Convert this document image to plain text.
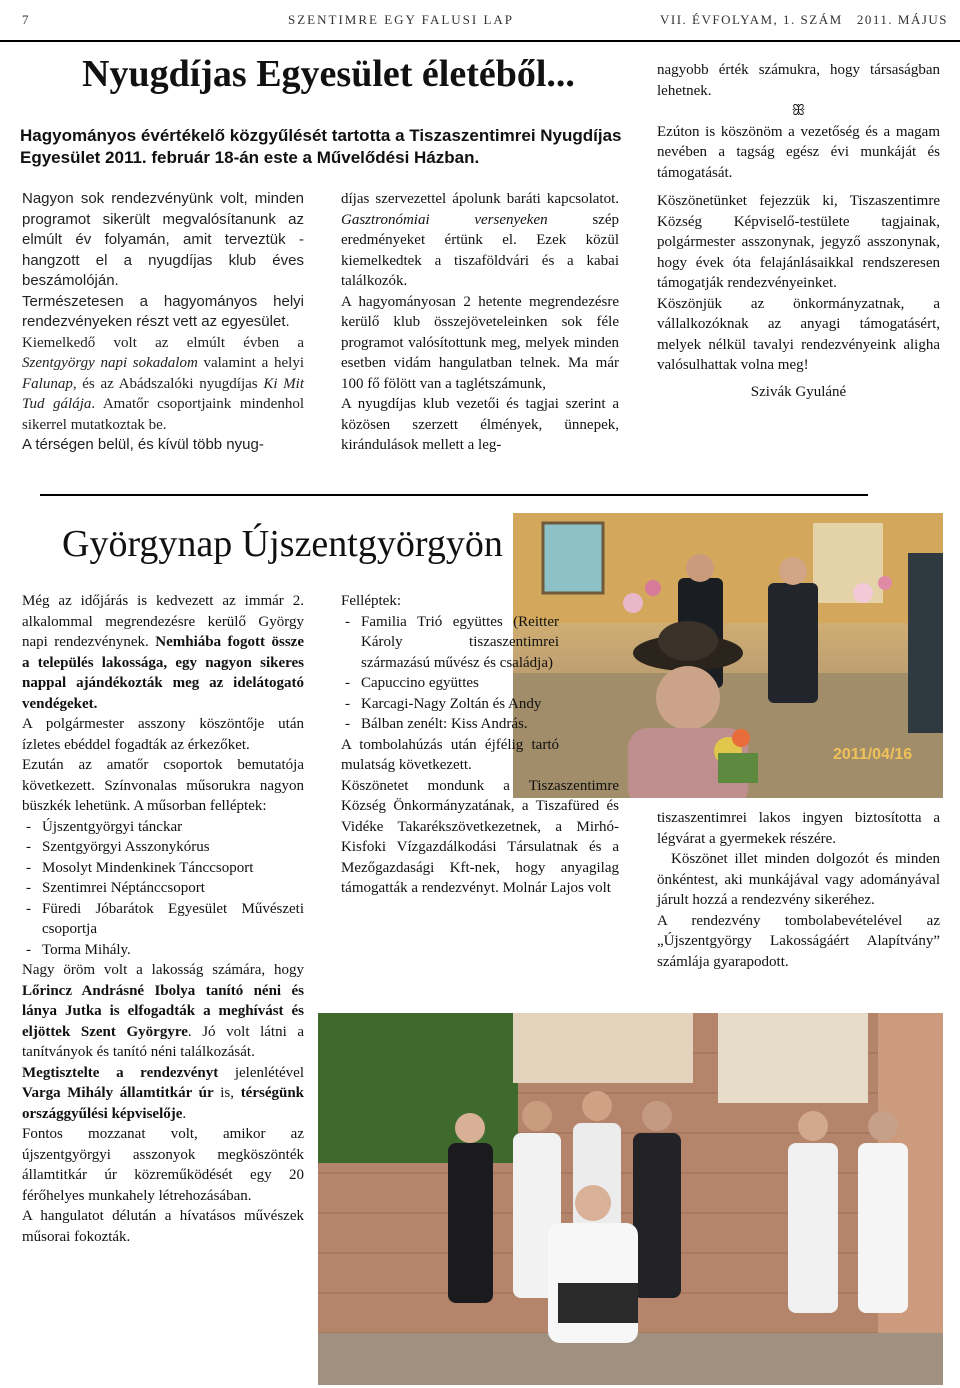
7	SZENTIMRE EGY FALUSI LAP	VII. ÉVFOLYAM, 1. SZÁM   2011. MÁJUS
Nyugdíjas Egyesület életéből...
Hagyományos évértékelő közgyűlését tartotta a Tiszaszentimrei Nyugdíjas Egyesület 2011. február 18-án este a Művelődési Házban.

Nagyon sok rendezvényünk volt, minden programot sikerült megvalósítanunk az elmúlt év folyamán, amit terveztük - hangzott el a nyugdíjas klub éves beszámolóján.

Természetesen a hagyományos helyi rendezvényeken részt vett az egyesület.

Kiemelkedő volt az elmúlt évben a Szentgyörgy napi sokadalom valamint a helyi Falunap, és az Abádszalóki nyugdíjas Ki Mit Tud gálája. Amatőr csoportjaink mindenhol sikerrel mutatkoztak be.

A térségen belül, és kívül több nyug-

díjas szervezettel ápolunk baráti kapcsolatot. Gasztronómiai versenyeken	szép eredményeket értünk el. Ezek közül kiemelkedtek a tiszaföldvári és a kabai találkozók.

A hagyományosan 2 hetente megrendezésre kerülő klub összejöveteleinken sok féle programot valósítottunk meg, melyek minden esetben vidám hangulatban telnek. Ma már 100 fő fölött van a taglétszámunk,

A nyugdíjas klub vezetői és tagjai szerint a közösen szerzett élmények, ünnepek, kirándulások mellett a leg-

nagyobb érték számukra, hogy társaságban lehetnek.

ꕥ

Ezúton is köszönöm a vezetőség és a magam nevében a tagság egész évi munkáját és támogatását.

Köszönetünket fejezzük ki, Tiszaszentimre Község Képviselő-testülete tagjainak, polgármester asszonynak, jegyző asszonynak, hogy évek óta felajánlásaikkal rendszeresen támogatják rendezvényeinket.

Köszönjük az önkormányzatnak, a vállalkozóknak az anyagi támogatásért, melyek nélkül tavalyi rendezvényeink aligha valósulhattak volna meg!

Szivák Gyuláné

Györgynap Újszentgyörgyön
2011/04/16

Még az időjárás is kedvezett az immár 2. alkalommal megrendezésre kerülő György napi rendezvénynek. Nemhiába fogott össze a település lakossága, egy nagyon sikeres nappal ajándékozták meg az idelátogató vendégeket.

A polgármester asszony köszöntője után ízletes ebéddel fogadták az érkezőket.

Ezután az amatőr csoportok bemutatója következett. Színvonalas műsorukra nagyon büszkék lehetünk. A műsorban felléptek:

- Újszentgyörgyi tánckar
- Szentgyörgyi Asszonykórus
- Mosolyt Mindenkinek Tánccsoport
- Szentimrei Néptánccsoport
- Füredi Jóbarátok Egyesület Művészeti csoportja
- Torma Mihály.

Nagy öröm volt a lakosság számára, hogy Lőrincz Andrásné Ibolya tanító néni és lánya Jutka is elfogadták a meghívást és eljöttek Szent Györgyre. Jó volt látni a tanítványok és tanító néni találkozását.

Megtisztelte a rendezvényt jelenlétével Varga Mihály államtitkár úr is, térségünk országgyűlési képviselője.

Fontos mozzanat volt, amikor az újszentgyörgyi asszonyok megköszönték államtitkár úr közreműködését egy 20 férőhelyes munkahely létrehozásában.

A hangulatot délután a hívatásos művészek műsorai fokozták.

Felléptek:

- Familia Trió együttes (Reitter Károly tiszaszentimrei származású művész és családja)
- Capuccino együttes
- Karcagi-Nagy Zoltán és Andy
- Bálban zenélt: Kiss András.

A tombolahúzás után éjfélig tartó mulatság következett.

Köszönetet mondunk a Tiszaszentimre Község Önkormányzatának, a Tiszafüred és Vidéke Takarékszövetkezetnek, a Mirhó-Kisfoki Vízgazdálkodási Társulatnak és a Mezőgazdasági Kft-nek, hogy anyagilag támogatták a rendezvényt. Molnár Lajos volt

tiszaszentimrei lakos ingyen biztosította a légvárat a gyermekek részére.

Köszönet illet minden dolgozót és minden önkéntest, aki munkájával vagy adományával járult hozzá a rendezvény sikeréhez.

A rendezvény tombolabevételével az „Újszentgyörgy Lakosságáért Alapítvány” számlája gyarapodott.
